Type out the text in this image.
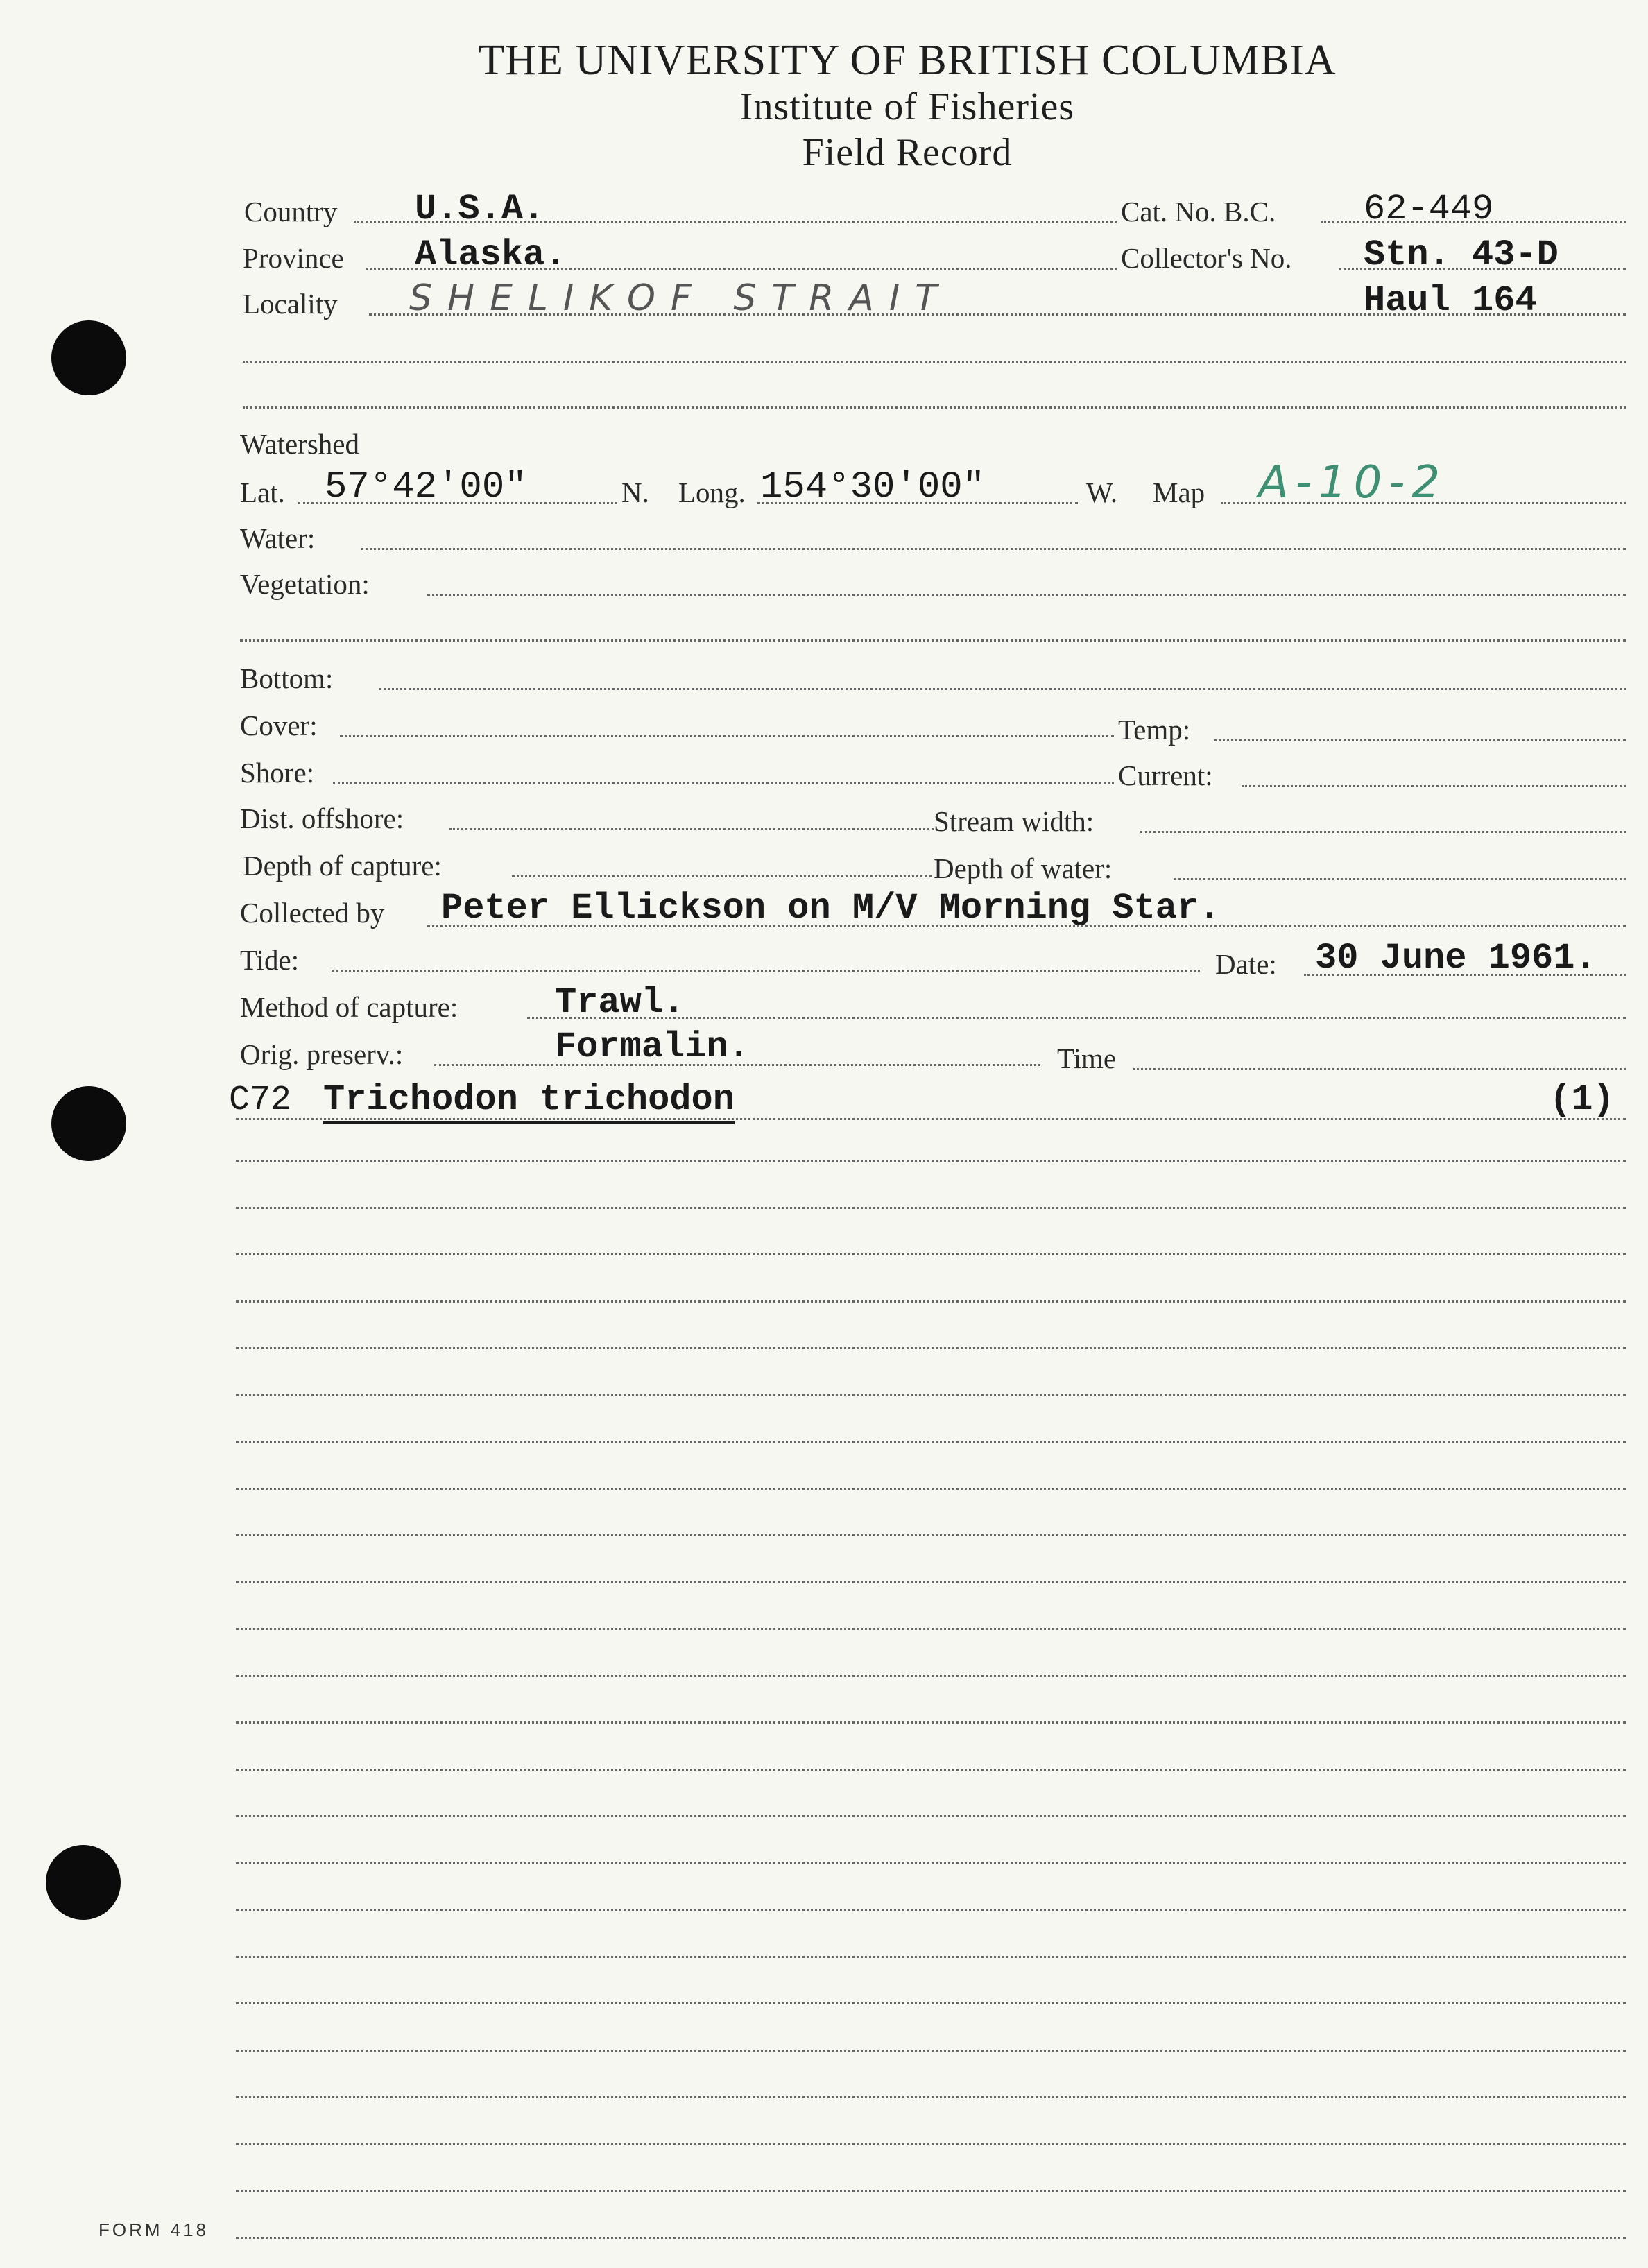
THE UNIVERSITY OF BRITISH COLUMBIA
Institute of Fisheries
Field Record
Country U.S.A.	Cat. No. B.C. 62-449
Province Alaska.	Collector's No. Stn. 43-D
Locality SHELIKOF STRAIT	Haul 164
Watershed
Lat. 57°42'00"	N. Long. 154°30'00"	W. Map A-10-2
Water:
Vegetation:
Bottom:
Cover:	Temp:
Shore:	Current:
Dist. offshore:	Stream width:
Depth of capture:	Depth of water:
Collected by Peter Ellickson on M/V Morning Star.
Tide:	Date: 30 June 1961.
Method of capture:	Trawl.
Orig. preserv.:	Formalin.	Time
C72 Trichodon trichodon	(1)
FORM 418
